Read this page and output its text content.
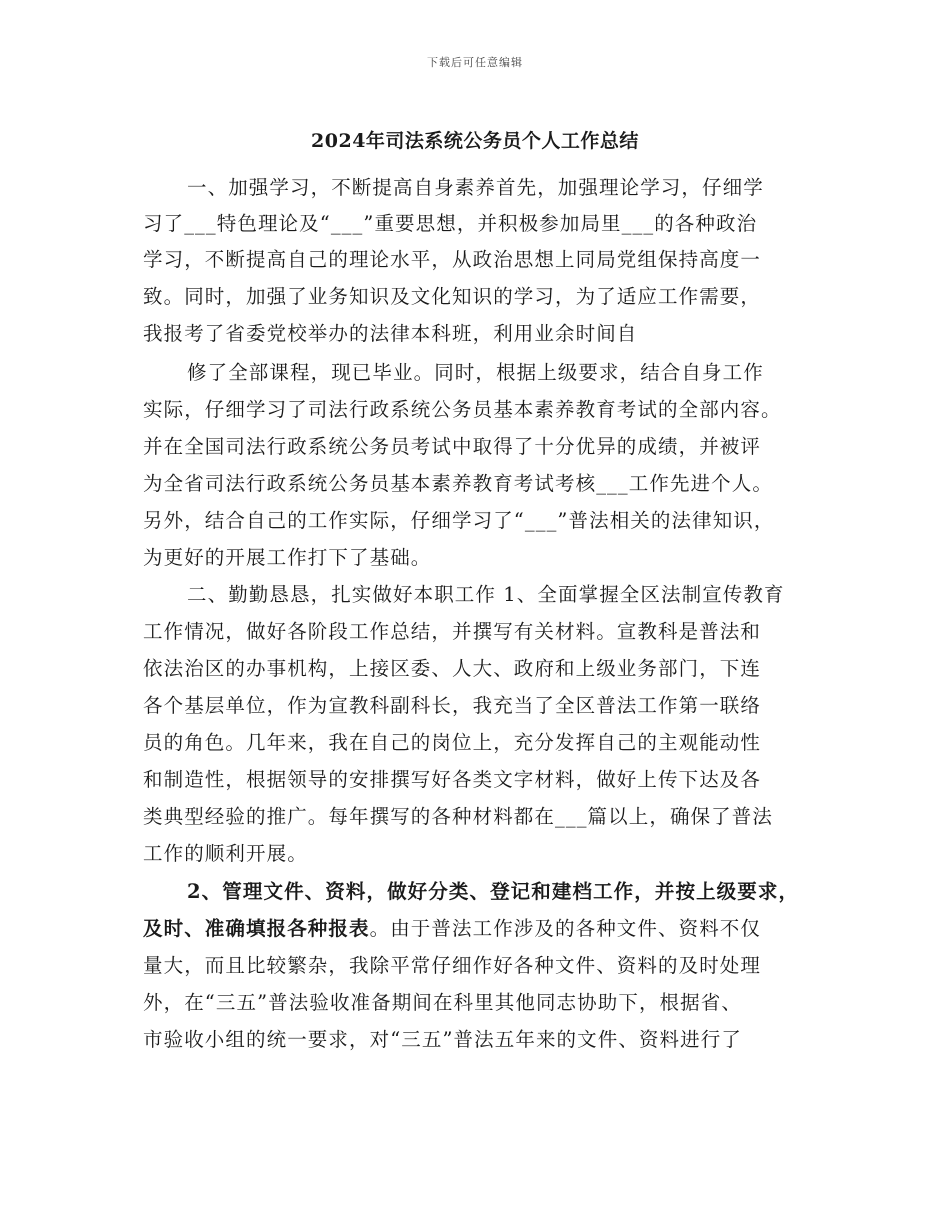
下载后可任意编辑
2024年司法系统公务员个人工作总结
一、加强学习，不断提高自身素养首先，加强理论学习，仔细学
习了___特色理论及“___”重要思想，并积极参加局里___的各种政治
学习，不断提高自己的理论水平，从政治思想上同局党组保持高度一
致。同时，加强了业务知识及文化知识的学习，为了适应工作需要，
我报考了省委党校举办的法律本科班，利用业余时间自
修了全部课程，现已毕业。同时，根据上级要求，结合自身工作
实际，仔细学习了司法行政系统公务员基本素养教育考试的全部内容。
并在全国司法行政系统公务员考试中取得了十分优异的成绩，并被评
为全省司法行政系统公务员基本素养教育考试考核___工作先进个人。
另外，结合自己的工作实际，仔细学习了“___”普法相关的法律知识，
为更好的开展工作打下了基础。
二、勤勤恳恳，扎实做好本职工作 1、全面掌握全区法制宣传教育
工作情况，做好各阶段工作总结，并撰写有关材料。宣教科是普法和
依法治区的办事机构，上接区委、人大、政府和上级业务部门，下连
各个基层单位，作为宣教科副科长，我充当了全区普法工作第一联络
员的角色。几年来，我在自己的岗位上，充分发挥自己的主观能动性
和制造性，根据领导的安排撰写好各类文字材料，做好上传下达及各
类典型经验的推广。每年撰写的各种材料都在___篇以上，确保了普法
工作的顺利开展。
2、管理文件、资料，做好分类、登记和建档工作，并按上级要求，
及时、准确填报各种报表。由于普法工作涉及的各种文件、资料不仅
量大，而且比较繁杂，我除平常仔细作好各种文件、资料的及时处理
外，在“三五”普法验收准备期间在科里其他同志协助下，根据省、
市验收小组的统一要求，对“三五”普法五年来的文件、资料进行了
